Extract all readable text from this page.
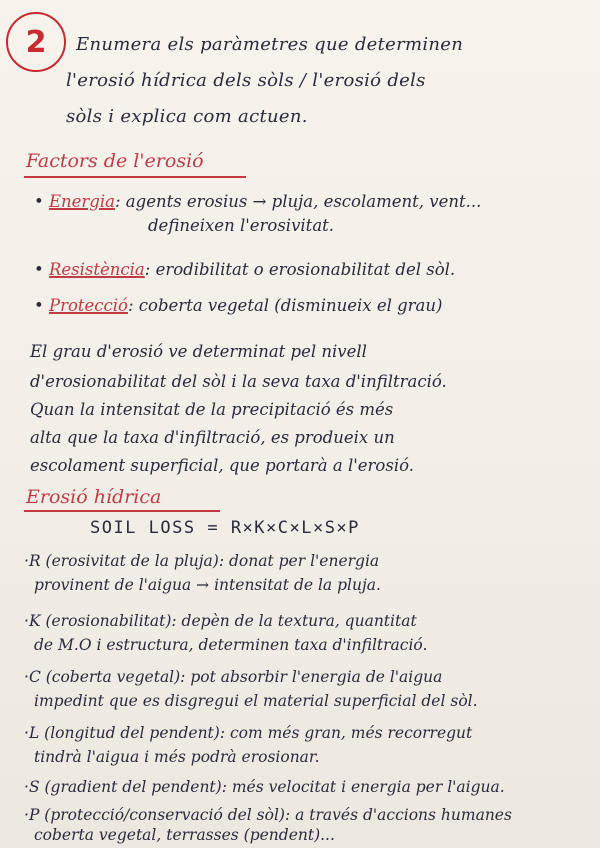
2	Enumera els paràmetres que determinen
l'erosió hídrica dels sòls / l'erosió dels
sòls i explica com actuen.
Factors de l'erosió
• Energia: agents erosius → pluja, escolament, vent...
defineixen l'erosivitat.
• Resistència: erodibilitat o erosionabilitat del sòl.
• Protecció: coberta vegetal (disminueix el grau)
El grau d'erosió ve determinat pel nivell
d'erosionabilitat del sòl i la seva taxa d'infiltració.
Quan la intensitat de la precipitació és més
alta que la taxa d'infiltració, es produeix un
escolament superficial, que portarà a l'erosió.
Erosió hídrica
SOIL LOSS = R×K×C×L×S×P
·R (erosivitat de la pluja): donat per l'energia
provinent de l'aigua → intensitat de la pluja.
·K (erosionabilitat): depèn de la textura, quantitat
de M.O i estructura, determinen taxa d'infiltració.
·C (coberta vegetal): pot absorbir l'energia de l'aigua
impedint que es disgregui el material superficial del sòl.
·L (longitud del pendent): com més gran, més recorregut
tindrà l'aigua i més podrà erosionar.
·S (gradient del pendent): més velocitat i energia per l'aigua.
·P (protecció/conservació del sòl): a través d'accions humanes
coberta vegetal, terrasses (pendent)...
